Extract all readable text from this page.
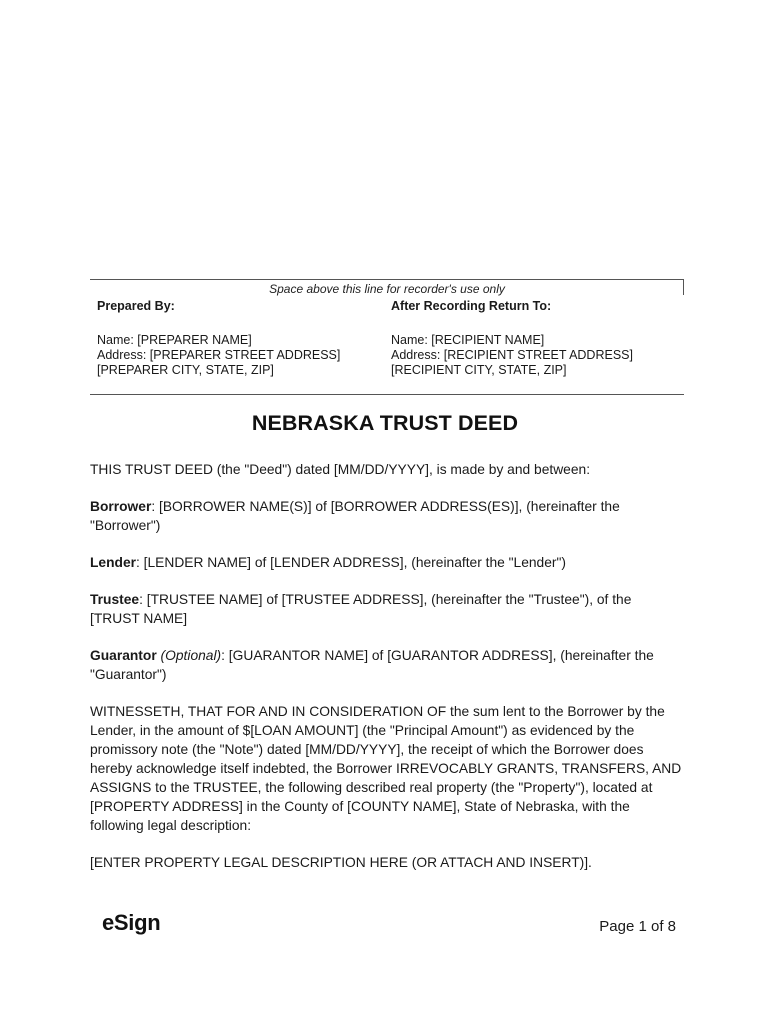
Space above this line for recorder's use only
Prepared By:
Name: [PREPARER NAME]
Address: [PREPARER STREET ADDRESS]
[PREPARER CITY, STATE, ZIP]
After Recording Return To:
Name: [RECIPIENT NAME]
Address: [RECIPIENT STREET ADDRESS]
[RECIPIENT CITY, STATE, ZIP]
NEBRASKA TRUST DEED

THIS TRUST DEED (the "Deed") dated [MM/DD/YYYY], is made by and between:

Borrower: [BORROWER NAME(S)] of [BORROWER ADDRESS(ES)], (hereinafter the "Borrower")

Lender: [LENDER NAME] of [LENDER ADDRESS], (hereinafter the "Lender")

Trustee: [TRUSTEE NAME] of [TRUSTEE ADDRESS], (hereinafter the "Trustee"), of the [TRUST NAME]

Guarantor (Optional): [GUARANTOR NAME] of [GUARANTOR ADDRESS], (hereinafter the "Guarantor")

WITNESSETH, THAT FOR AND IN CONSIDERATION OF the sum lent to the Borrower by the Lender, in the amount of $[LOAN AMOUNT] (the "Principal Amount") as evidenced by the promissory note (the "Note") dated [MM/DD/YYYY], the receipt of which the Borrower does hereby acknowledge itself indebted, the Borrower IRREVOCABLY GRANTS, TRANSFERS, AND ASSIGNS to the TRUSTEE, the following described real property (the "Property"), located at [PROPERTY ADDRESS] in the County of [COUNTY NAME], State of Nebraska, with the following legal description:

[ENTER PROPERTY LEGAL DESCRIPTION HERE (OR ATTACH AND INSERT)].

eSign	Page 1 of 8
